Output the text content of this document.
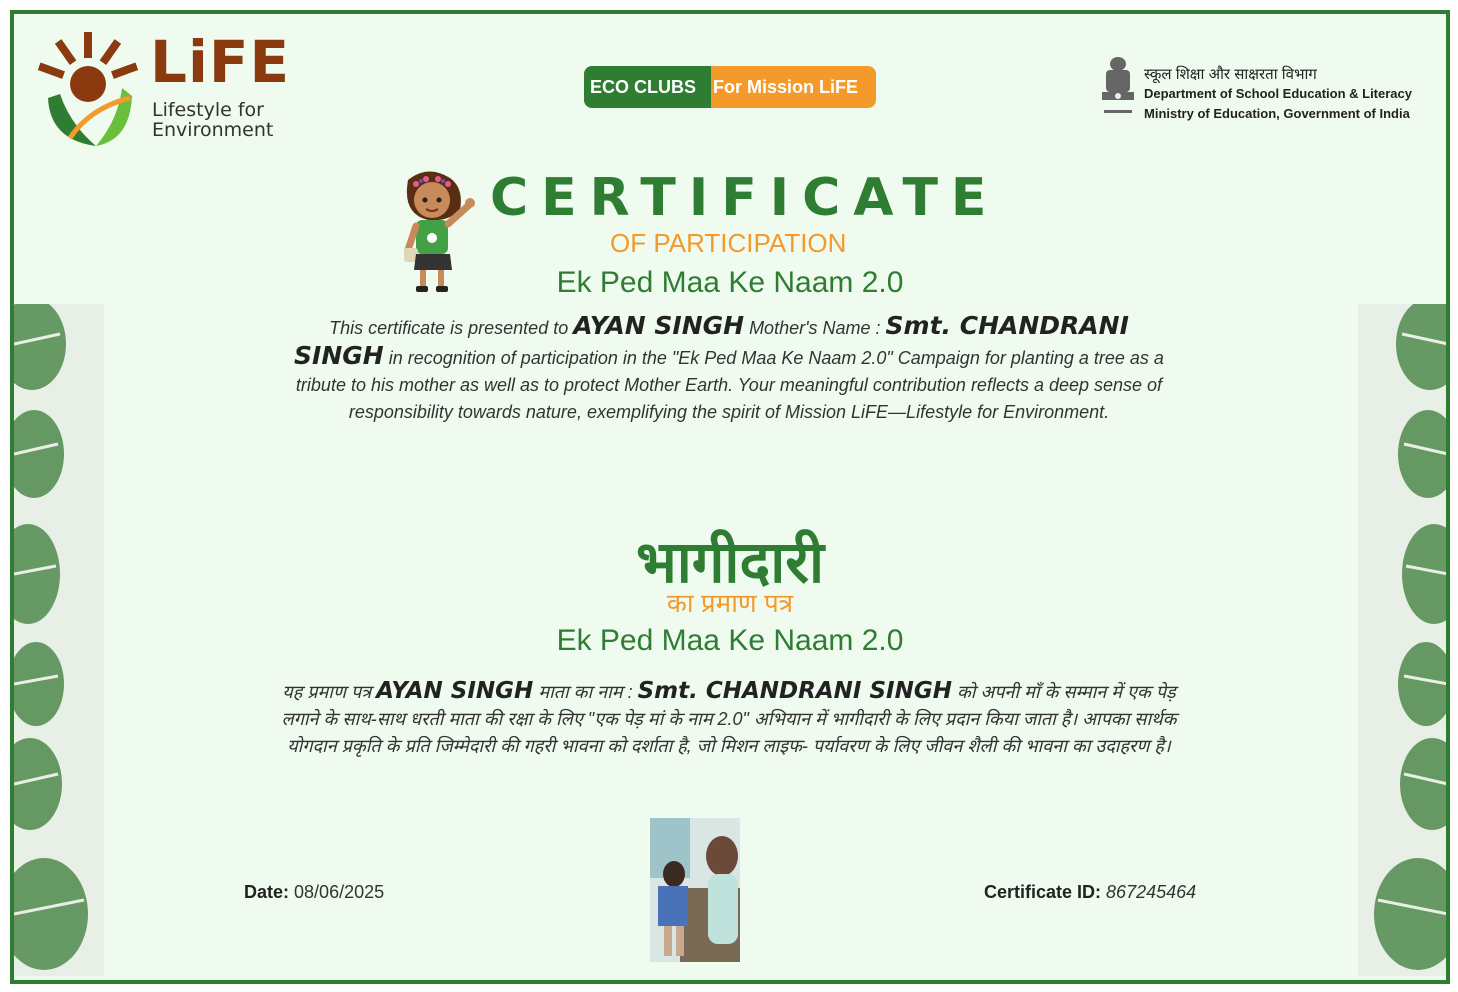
LiFE
Lifestyle for
Environment
ECO CLUBS For Mission LiFE
स्कूल शिक्षा और साक्षरता विभाग
Department of School Education & Literacy
Ministry of Education, Government of India
CERTIFICATE
OF PARTICIPATION
Ek Ped Maa Ke Naam 2.0
This certificate is presented to AYAN SINGH Mother's Name : Smt. CHANDRANI SINGH in recognition of participation in the "Ek Ped Maa Ke Naam 2.0" Campaign for planting a tree as a tribute to his mother as well as to protect Mother Earth. Your meaningful contribution reflects a deep sense of responsibility towards nature, exemplifying the spirit of Mission LiFE—Lifestyle for Environment.
भागीदारी
का प्रमाण पत्र
Ek Ped Maa Ke Naam 2.0
यह प्रमाण पत्र AYAN SINGH माता का नाम : Smt. CHANDRANI SINGH को अपनी माँ के सम्मान में एक पेड़ लगाने के साथ-साथ धरती माता की रक्षा के लिए "एक पेड़ मां के नाम 2.0" अभियान में भागीदारी के लिए प्रदान किया जाता है। आपका सार्थक योगदान प्रकृति के प्रति जिम्मेदारी की गहरी भावना को दर्शाता है, जो मिशन लाइफ- पर्यावरण के लिए जीवन शैली की भावना का उदाहरण है।
Date: 08/06/2025	Certificate ID: 867245464
